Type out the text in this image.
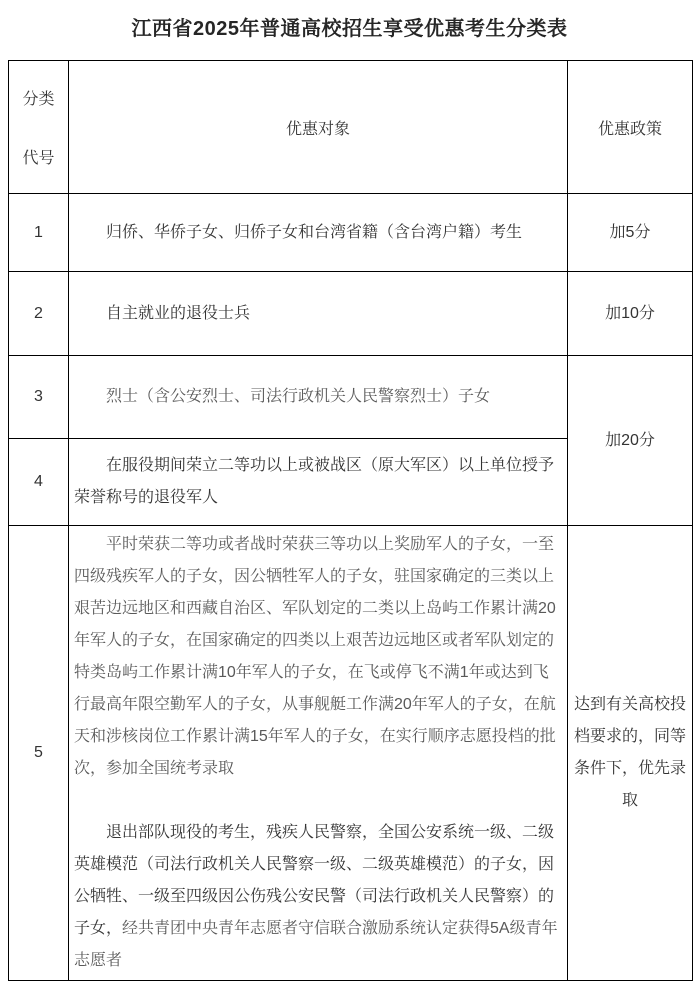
江西省2025年普通高校招生享受优惠考生分类表
分类
代号	优惠对象	优惠政策
1	归侨、华侨子女、归侨子女和台湾省籍（含台湾户籍）考生	加5分
2	自主就业的退役士兵	加10分
3	烈士（含公安烈士、司法行政机关人民警察烈士）子女	加20分
4	在服役期间荣立二等功以上或被战区（原大军区）以上单位授予荣誉称号的退役军人	
5	平时荣获二等功或者战时荣获三等功以上奖励军人的子女，一至四级残疾军人的子女，因公牺牲军人的子女，驻国家确定的三类以上艰苦边远地区和西藏自治区、军队划定的二类以上岛屿工作累计满20年军人的子女，在国家确定的四类以上艰苦边远地区或者军队划定的特类岛屿工作累计满10年军人的子女，在飞或停飞不满1年或达到飞行最高年限空勤军人的子女，从事舰艇工作满20年军人的子女，在航天和涉核岗位工作累计满15年军人的子女，在实行顺序志愿投档的批次，参加全国统考录取

退出部队现役的考生，残疾人民警察，全国公安系统一级、二级英雄模范（司法行政机关人民警察一级、二级英雄模范）的子女，因公牺牲、一级至四级因公伤残公安民警（司法行政机关人民警察）的子女，经共青团中央青年志愿者守信联合激励系统认定获得5A级青年志愿者	达到有关高校投档要求的，同等条件下，优先录取
